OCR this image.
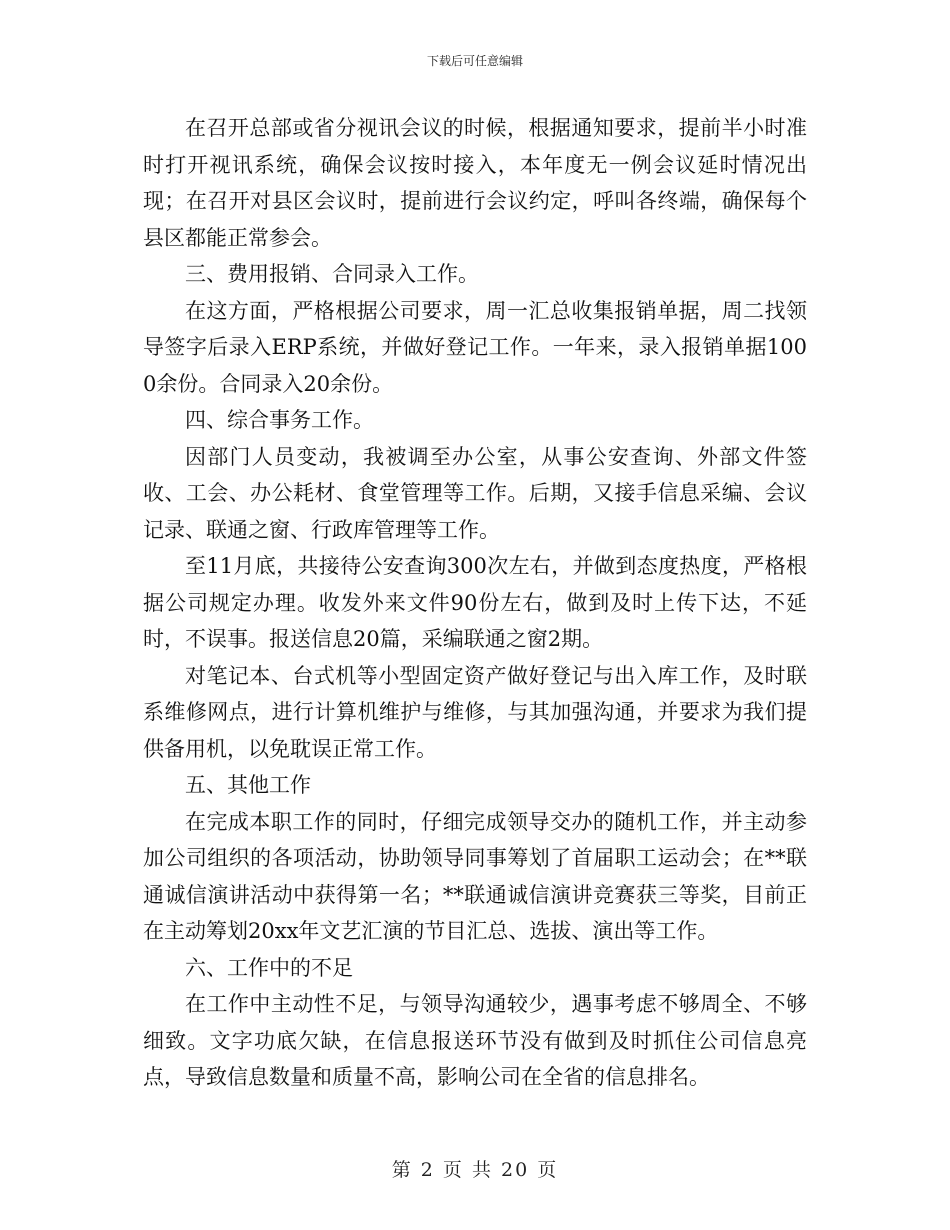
下载后可任意编辑

在召开总部或省分视讯会议的时候，根据通知要求，提前半小时准时打开视讯系统，确保会议按时接入，本年度无一例会议延时情况出现；在召开对县区会议时，提前进行会议约定，呼叫各终端，确保每个县区都能正常参会。

三、费用报销、合同录入工作。

在这方面，严格根据公司要求，周一汇总收集报销单据，周二找领导签字后录入ERP系统，并做好登记工作。一年来，录入报销单据1000余份。合同录入20余份。

四、综合事务工作。

因部门人员变动，我被调至办公室，从事公安查询、外部文件签收、工会、办公耗材、食堂管理等工作。后期，又接手信息采编、会议记录、联通之窗、行政库管理等工作。

至11月底，共接待公安查询300次左右，并做到态度热度，严格根据公司规定办理。收发外来文件90份左右，做到及时上传下达，不延时，不误事。报送信息20篇，采编联通之窗2期。

对笔记本、台式机等小型固定资产做好登记与出入库工作，及时联系维修网点，进行计算机维护与维修，与其加强沟通，并要求为我们提供备用机，以免耽误正常工作。

五、其他工作

在完成本职工作的同时，仔细完成领导交办的随机工作，并主动参加公司组织的各项活动，协助领导同事筹划了首届职工运动会；在**联通诚信演讲活动中获得第一名；**联通诚信演讲竞赛获三等奖，目前正在主动筹划20xx年文艺汇演的节目汇总、选拔、演出等工作。

六、工作中的不足

在工作中主动性不足，与领导沟通较少，遇事考虑不够周全、不够细致。文字功底欠缺，在信息报送环节没有做到及时抓住公司信息亮点，导致信息数量和质量不高，影响公司在全省的信息排名。

第 2 页 共 20 页
